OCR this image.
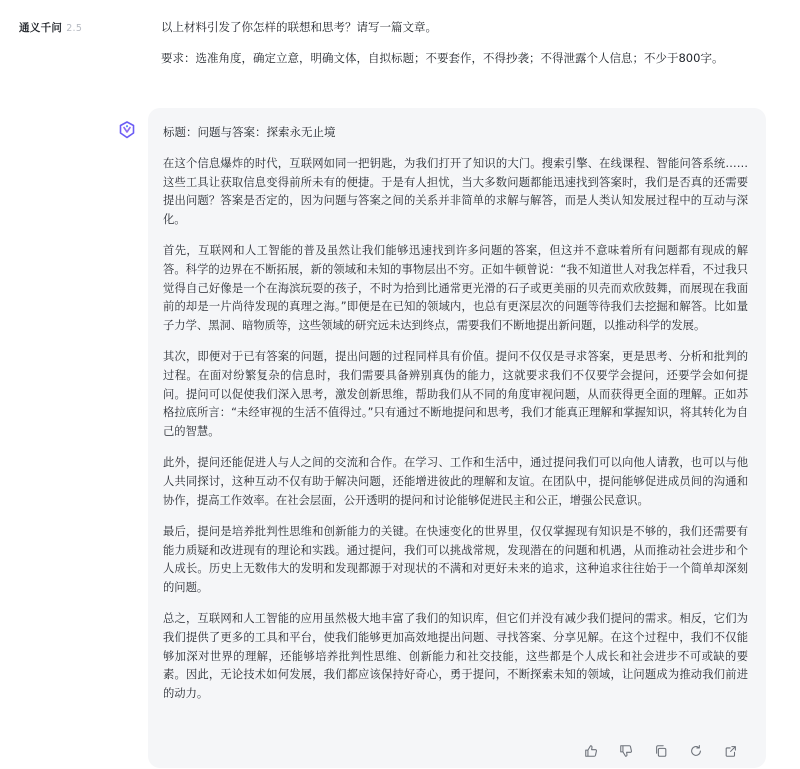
通义千问 2.5	以上材料引发了你怎样的联想和思考？请写一篇文章。

要求：选准角度，确定立意，明确文体，自拟标题；不要套作，不得抄袭；不得泄露个人信息；不少于800字。

标题：问题与答案：探索永无止境

在这个信息爆炸的时代，互联网如同一把钥匙，为我们打开了知识的大门。搜索引擎、在线课程、智能问答系统……这些工具让获取信息变得前所未有的便捷。于是有人担忧，当大多数问题都能迅速找到答案时，我们是否真的还需要提出问题？答案是否定的，因为问题与答案之间的关系并非简单的求解与解答，而是人类认知发展过程中的互动与深化。

首先，互联网和人工智能的普及虽然让我们能够迅速找到许多问题的答案，但这并不意味着所有问题都有现成的解答。科学的边界在不断拓展，新的领域和未知的事物层出不穷。正如牛顿曾说：“我不知道世人对我怎样看，不过我只觉得自己好像是一个在海滨玩耍的孩子，不时为拾到比通常更光滑的石子或更美丽的贝壳而欢欣鼓舞，而展现在我面前的却是一片尚待发现的真理之海。”即便是在已知的领域内，也总有更深层次的问题等待我们去挖掘和解答。比如量子力学、黑洞、暗物质等，这些领域的研究远未达到终点，需要我们不断地提出新问题，以推动科学的发展。

其次，即便对于已有答案的问题，提出问题的过程同样具有价值。提问不仅仅是寻求答案，更是思考、分析和批判的过程。在面对纷繁复杂的信息时，我们需要具备辨别真伪的能力，这就要求我们不仅要学会提问，还要学会如何提问。提问可以促使我们深入思考，激发创新思维，帮助我们从不同的角度审视问题，从而获得更全面的理解。正如苏格拉底所言：“未经审视的生活不值得过。”只有通过不断地提问和思考，我们才能真正理解和掌握知识，将其转化为自己的智慧。

此外，提问还能促进人与人之间的交流和合作。在学习、工作和生活中，通过提问我们可以向他人请教，也可以与他人共同探讨，这种互动不仅有助于解决问题，还能增进彼此的理解和友谊。在团队中，提问能够促进成员间的沟通和协作，提高工作效率。在社会层面，公开透明的提问和讨论能够促进民主和公正，增强公民意识。

最后，提问是培养批判性思维和创新能力的关键。在快速变化的世界里，仅仅掌握现有知识是不够的，我们还需要有能力质疑和改进现有的理论和实践。通过提问，我们可以挑战常规，发现潜在的问题和机遇，从而推动社会进步和个人成长。历史上无数伟大的发明和发现都源于对现状的不满和对更好未来的追求，这种追求往往始于一个简单却深刻的问题。

总之，互联网和人工智能的应用虽然极大地丰富了我们的知识库，但它们并没有减少我们提问的需求。相反，它们为我们提供了更多的工具和平台，使我们能够更加高效地提出问题、寻找答案、分享见解。在这个过程中，我们不仅能够加深对世界的理解，还能够培养批判性思维、创新能力和社交技能，这些都是个人成长和社会进步不可或缺的要素。因此，无论技术如何发展，我们都应该保持好奇心，勇于提问，不断探索未知的领域，让问题成为推动我们前进的动力。
